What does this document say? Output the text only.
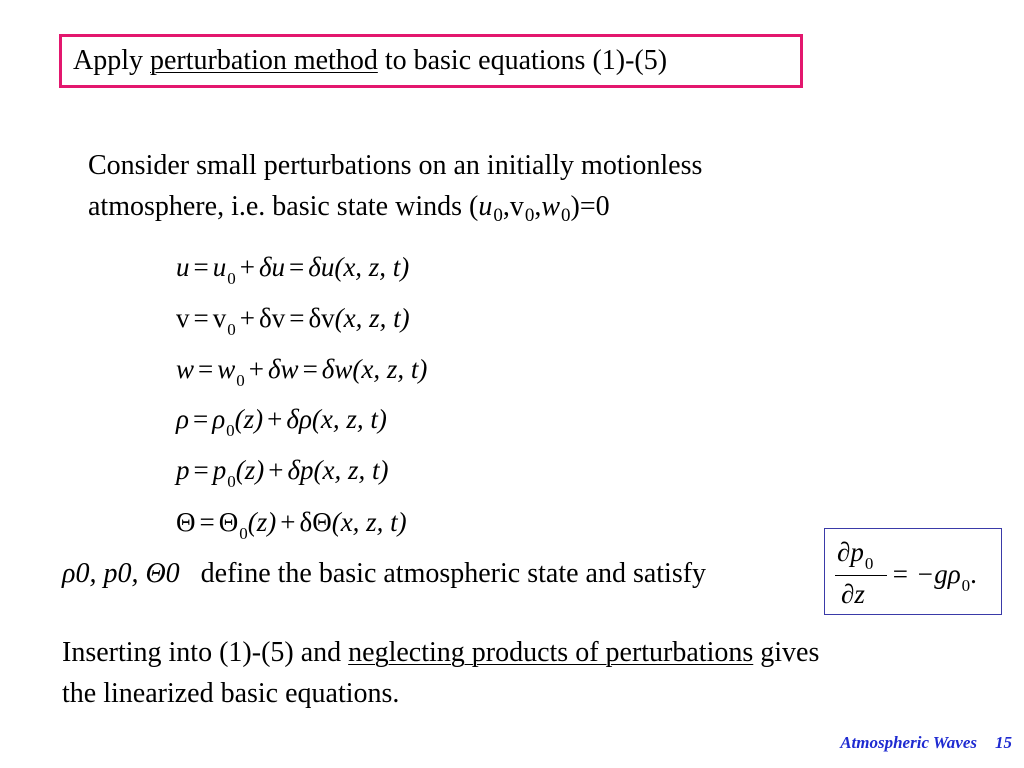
Apply perturbation method to basic equations (1)-(5)
Consider small perturbations on an initially motionless
atmosphere, i.e. basic state winds $(u_0,v_0,w_0)=0$
$u = u_0 + \delta u = \delta u(x$, z, t)
$v = v_0 + \delta v = \delta v(x$, z, t)
$w = w_0 + \delta w = \delta w(x$, z, t)
$\rho = \rho_0(z) + \delta\rho(x$, z, t)
$p = p_0(z) + \delta p(x$, z, t)
$\Theta = \Theta_0(z) + \delta\Theta(x$, z, t)
ρ0, p0, Θ0 define the basic atmospheric state and satisfy
$\partial p_0$
∂z
= $-g\rho_0$.
Inserting into (1)-(5) and neglecting products of perturbations gives
the linearized basic equations.
Atmospheric Waves 15
